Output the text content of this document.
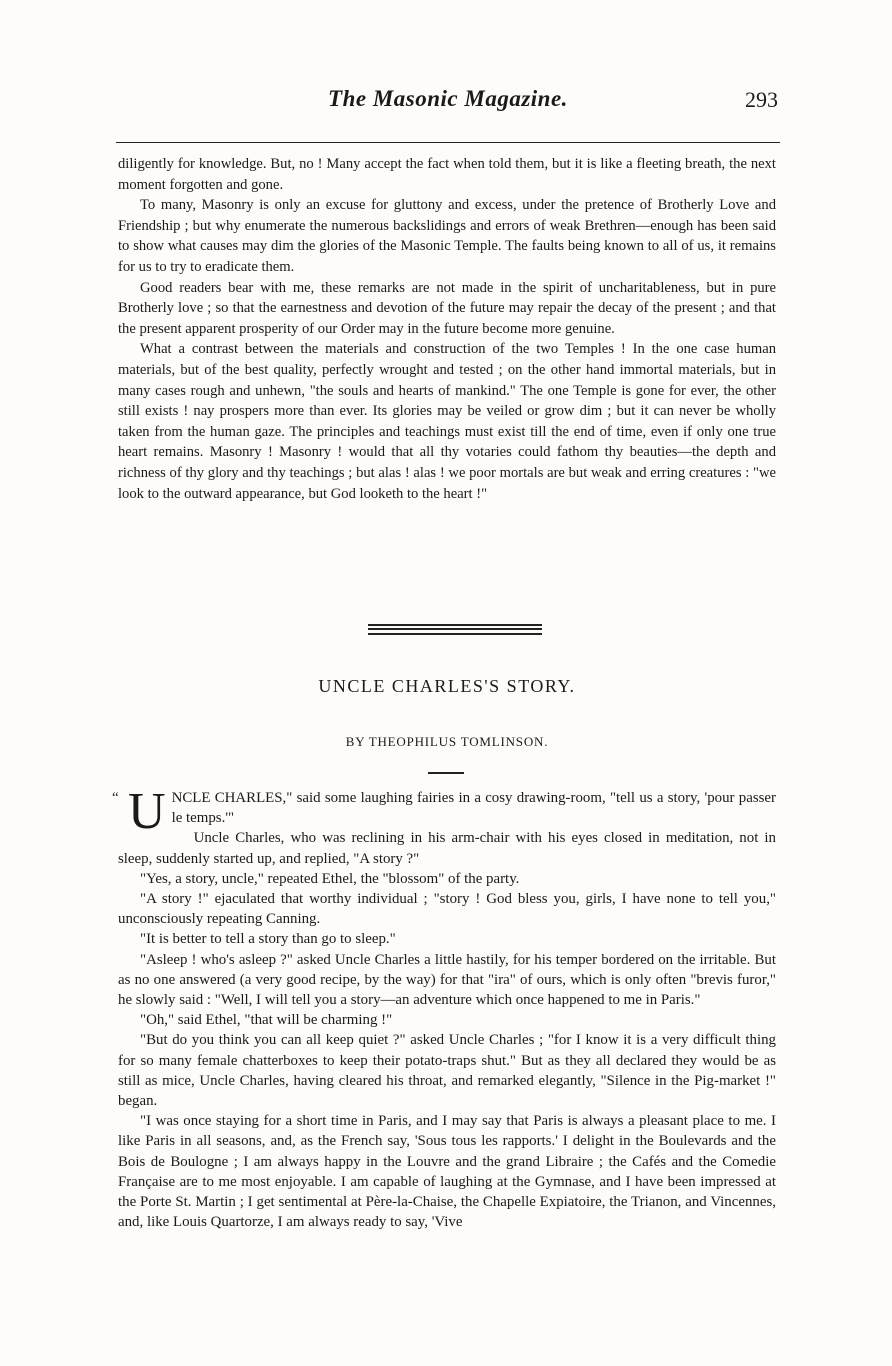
The Masonic Magazine.	293

diligently for knowledge. But, no ! Many accept the fact when told them, but it is like a fleeting breath, the next moment forgotten and gone.

To many, Masonry is only an excuse for gluttony and excess, under the pretence of Brotherly Love and Friendship ; but why enumerate the numerous backslidings and errors of weak Brethren—enough has been said to show what causes may dim the glories of the Masonic Temple. The faults being known to all of us, it remains for us to try to eradicate them.

Good readers bear with me, these remarks are not made in the spirit of uncharitableness, but in pure Brotherly love ; so that the earnestness and devotion of the future may repair the decay of the present ; and that the present apparent prosperity of our Order may in the future become more genuine.

What a contrast between the materials and construction of the two Temples ! In the one case human materials, but of the best quality, perfectly wrought and tested ; on the other hand immortal materials, but in many cases rough and unhewn, "the souls and hearts of mankind." The one Temple is gone for ever, the other still exists ! nay prospers more than ever. Its glories may be veiled or grow dim ; but it can never be wholly taken from the human gaze. The principles and teachings must exist till the end of time, even if only one true heart remains. Masonry ! Masonry ! would that all thy votaries could fathom thy beauties—the depth and richness of thy glory and thy teachings ; but alas ! alas ! we poor mortals are but weak and erring creatures : "we look to the outward appearance, but God looketh to the heart !"

UNCLE CHARLES'S STORY.
BY THEOPHILUS TOMLINSON.

“ U NCLE CHARLES," said some laughing fairies in a cosy drawing-room, "tell us a story, 'pour passer le temps.'"

Uncle Charles, who was reclining in his arm-chair with his eyes closed in meditation, not in sleep, suddenly started up, and replied, "A story ?"

"Yes, a story, uncle," repeated Ethel, the "blossom" of the party.

"A story !" ejaculated that worthy individual ; "story ! God bless you, girls, I have none to tell you," unconsciously repeating Canning.

"It is better to tell a story than go to sleep."

"Asleep ! who's asleep ?" asked Uncle Charles a little hastily, for his temper bordered on the irritable. But as no one answered (a very good recipe, by the way) for that "ira" of ours, which is only often "brevis furor," he slowly said : "Well, I will tell you a story—an adventure which once happened to me in Paris."

"Oh," said Ethel, "that will be charming !"

"But do you think you can all keep quiet ?" asked Uncle Charles ; "for I know it is a very difficult thing for so many female chatterboxes to keep their potato-traps shut." But as they all declared they would be as still as mice, Uncle Charles, having cleared his throat, and remarked elegantly, "Silence in the Pig-market !" began.

"I was once staying for a short time in Paris, and I may say that Paris is always a pleasant place to me. I like Paris in all seasons, and, as the French say, 'Sous tous les rapports.' I delight in the Boulevards and the Bois de Boulogne ; I am always happy in the Louvre and the grand Libraire ; the Cafés and the Comedie Française are to me most enjoyable. I am capable of laughing at the Gymnase, and I have been impressed at the Porte St. Martin ; I get sentimental at Père-la-Chaise, the Chapelle Expiatoire, the Trianon, and Vincennes, and, like Louis Quartorze, I am always ready to say, 'Vive
